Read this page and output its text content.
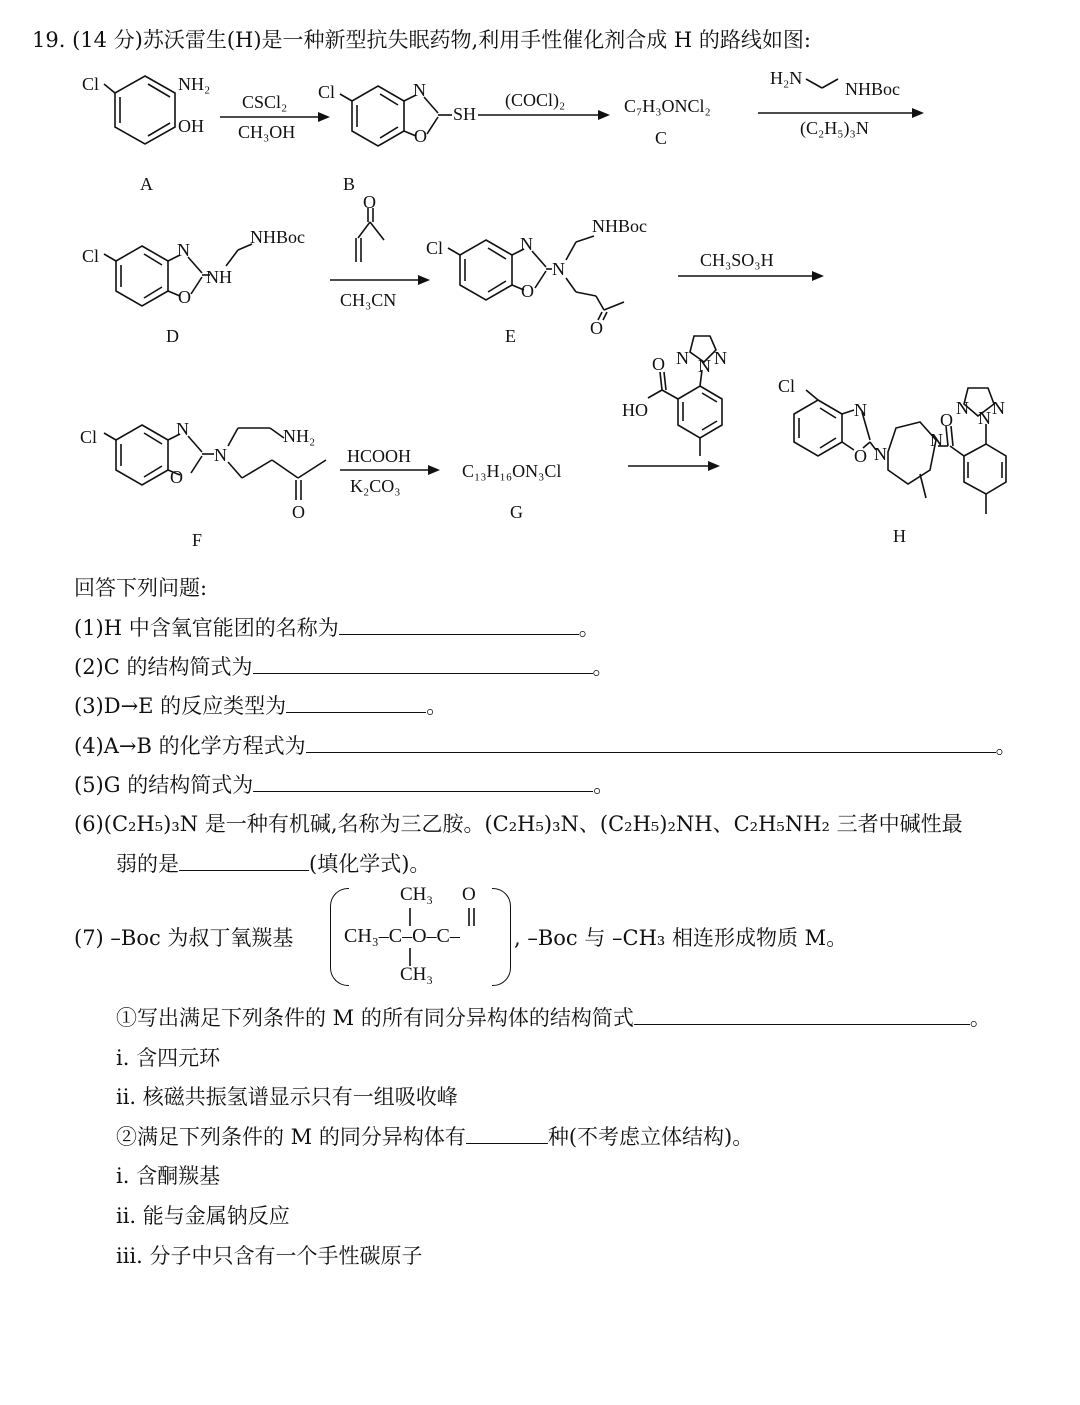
19. (14 分)苏沃雷生(H)是一种新型抗失眠药物,利用手性催化剂合成 H 的路线如图:
Cl	NH₂
OH
A
CSCl₂
CH₃OH
Cl	N
O
SH
B
(COCl)₂	C₇H₃ONCl₂
C
H₂N
NHBoc
(C₂H₅)₃N
Cl	N
O
NH
NHBoc
D
O
CH₃CN
Cl	N
O
N
NHBoc
O
E
CH₃SO₃H
Cl	N
O
N
NH₂
O
F
HCOOH
K₂CO₃
C₁₃H₁₆ON₃Cl
G
O
HO
N
N N
Cl
N
O N
N
O N
N N
H
回答下列问题:
(1)H 中含氧官能团的名称为	。
(2)C 的结构简式为	。
(3)D→E 的反应类型为	。
(4)A→B 的化学方程式为	。
(5)G 的结构简式为	。
(6)(C₂H₅)₃N 是一种有机碱,名称为三乙胺。(C₂H₅)₃N、(C₂H₅)₂NH、C₂H₅NH₂ 三者中碱性最
弱的是	(填化学式)。
(7) –Boc 为叔丁氧羰基
CH₃ O
CH₃–C–O–C–
CH₃
, –Boc 与 –CH₃ 相连形成物质 M。
①写出满足下列条件的 M 的所有同分异构体的结构简式	。
ⅰ. 含四元环
ⅱ. 核磁共振氢谱显示只有一组吸收峰
②满足下列条件的 M 的同分异构体有	种(不考虑立体结构)。
ⅰ. 含酮羰基
ⅱ. 能与金属钠反应
ⅲ. 分子中只含有一个手性碳原子
